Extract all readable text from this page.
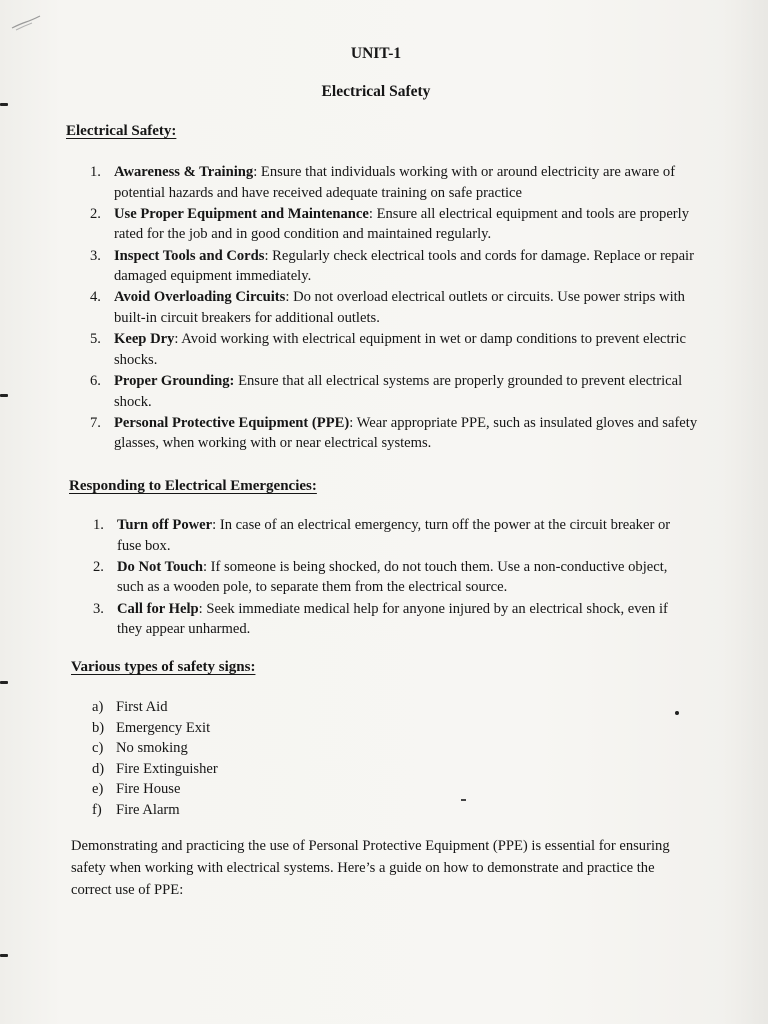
UNIT-1
Electrical Safety
Electrical Safety:
1. Awareness & Training: Ensure that individuals working with or around electricity are aware of potential hazards and have received adequate training on safe practice
2. Use Proper Equipment and Maintenance: Ensure all electrical equipment and tools are properly rated for the job and in good condition and maintained regularly.
3. Inspect Tools and Cords: Regularly check electrical tools and cords for damage. Replace or repair damaged equipment immediately.
4. Avoid Overloading Circuits: Do not overload electrical outlets or circuits. Use power strips with built-in circuit breakers for additional outlets.
5. Keep Dry: Avoid working with electrical equipment in wet or damp conditions to prevent electric shocks.
6. Proper Grounding: Ensure that all electrical systems are properly grounded to prevent electrical shock.
7. Personal Protective Equipment (PPE): Wear appropriate PPE, such as insulated gloves and safety glasses, when working with or near electrical systems.
Responding to Electrical Emergencies:
1. Turn off Power: In case of an electrical emergency, turn off the power at the circuit breaker or fuse box.
2. Do Not Touch: If someone is being shocked, do not touch them. Use a non-conductive object, such as a wooden pole, to separate them from the electrical source.
3. Call for Help: Seek immediate medical help for anyone injured by an electrical shock, even if they appear unharmed.
Various types of safety signs:
a) First Aid
b) Emergency Exit
c) No smoking
d) Fire Extinguisher
e) Fire House
f) Fire Alarm

Demonstrating and practicing the use of Personal Protective Equipment (PPE) is essential for ensuring safety when working with electrical systems. Here’s a guide on how to demonstrate and practice the correct use of PPE:
